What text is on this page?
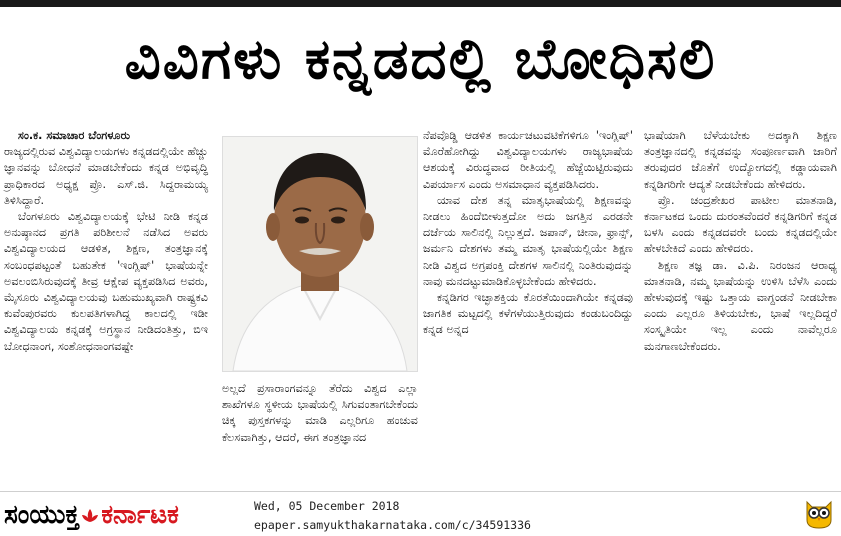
ವಿವಿಗಳು ಕನ್ನಡದಲ್ಲಿ ಬೋಧಿಸಲಿ

ಸಂ.ಕ. ಸಮಾಚಾರ ಬೆಂಗಳೂರು

ರಾಜ್ಯದಲ್ಲಿರುವ ವಿಶ್ವವಿದ್ಯಾಲಯಗಳು ಕನ್ನಡದಲ್ಲಿಯೇ ಹೆಚ್ಚು ಜ್ಞಾನವನ್ನು ಬೋಧನೆ ಮಾಡಬೇಕೆಂದು ಕನ್ನಡ ಅಭಿವೃದ್ಧಿ ಪ್ರಾಧಿಕಾರದ ಅಧ್ಯಕ್ಷ ಪ್ರೊ. ಎಸ್.ಜಿ. ಸಿದ್ದರಾಮಯ್ಯ ತಿಳಿಸಿದ್ದಾರೆ.

ಬೆಂಗಳೂರು ವಿಶ್ವವಿದ್ಯಾಲಯಕ್ಕೆ ಭೇಟಿ ನೀಡಿ ಕನ್ನಡ ಅನುಷ್ಠಾನದ ಪ್ರಗತಿ ಪರಿಶೀಲನೆ ನಡೆಸಿದ ಅವರು ವಿಶ್ವವಿದ್ಯಾಲಯದ ಆಡಳಿತ, ಶಿಕ್ಷಣ, ತಂತ್ರಜ್ಞಾನಕ್ಕೆ ಸಂಬಂಧಪಟ್ಟಂತೆ ಬಹುತೇಕ 'ಇಂಗ್ಲಿಷ್' ಭಾಷೆಯನ್ನೇ ಅವಲಂಬಿಸಿರುವುದಕ್ಕೆ ತೀವ್ರ ಆಕ್ಷೇಪ ವ್ಯಕ್ತಪಡಿಸಿದ ಅವರು, ಮೈಸೂರು ವಿಶ್ವವಿದ್ಯಾಲಯವು ಬಹುಮುಖ್ಯವಾಗಿ ರಾಷ್ಟ್ರಕವಿ ಕುವೆಂಪುರವರು ಕುಲಪತಿಗಳಾಗಿದ್ದ ಕಾಲದಲ್ಲಿ ಇಡೀ ವಿಶ್ವವಿದ್ಯಾಲಯ ಕನ್ನಡಕ್ಕೆ ಅಗ್ರಸ್ಥಾನ ನೀಡಿದಂತಿತ್ತು, ಬಿಇ ಬೋಧನಾಂಗ, ಸಂಶೋಧನಾಂಗವಷ್ಟೇ

ಅಲ್ಲದೆ ಪ್ರಸಾರಾಂಗವನ್ನೂ ತೆರೆದು ವಿಶ್ವದ ಎಲ್ಲಾ ಶಾಖೆಗಳೂ ಸ್ಥಳೀಯ ಭಾಷೆಯಲ್ಲಿ ಸಿಗುವಂತಾಗಬೇಕೆಂದು ಚಿಕ್ಕ ಪುಸ್ತಕಗಳನ್ನು ಮಾಡಿ ಎಲ್ಲರಿಗೂ ಹಂಚುವ ಕೆಲಸವಾಗಿತ್ತು, ಆದರೆ, ಈಗ ತಂತ್ರಜ್ಞಾನದ

ನೆಪವೊಡ್ಡಿ ಆಡಳಿತ ಕಾರ್ಯಚಟುವಟಿಕೆಗಳಿಗೂ 'ಇಂಗ್ಲಿಷ್' ಮೊರೆಹೋಗಿದ್ದು ವಿಶ್ವವಿದ್ಯಾಲಯಗಳು ರಾಜ್ಯಭಾಷೆಯ ಆಶಯಕ್ಕೆ ವಿರುದ್ಧವಾದ ರೀತಿಯಲ್ಲಿ ಹೆಜ್ಜೆಯಿಟ್ಟಿರುವುದು ವಿಪರ್ಯಾಸ ಎಂದು ಅಸಮಾಧಾನ ವ್ಯಕ್ತಪಡಿಸಿದರು.

ಯಾವ ದೇಶ ತನ್ನ ಮಾತೃಭಾಷೆಯಲ್ಲಿ ಶಿಕ್ಷಣವನ್ನು ನೀಡಲು ಹಿಂದೆಬೀಳುತ್ತದೋ ಅದು ಜಗತ್ತಿನ ಎರಡನೇ ದರ್ಜೆಯ ಸಾಲಿನಲ್ಲಿ ನಿಲ್ಲುತ್ತದೆ. ಜಪಾನ್, ಚೀನಾ, ಫ್ರಾನ್ಸ್, ಜರ್ಮನಿ ದೇಶಗಳು ತಮ್ಮ ಮಾತೃ ಭಾಷೆಯಲ್ಲಿಯೇ ಶಿಕ್ಷಣ ನೀಡಿ ವಿಶ್ವದ ಅಗ್ರಪಂಕ್ತಿ ದೇಶಗಳ ಸಾಲಿನಲ್ಲಿ ನಿಂತಿರುವುದನ್ನು ನಾವು ಮನದಟ್ಟುಮಾಡಿಕೊಳ್ಳಬೇಕೆಂದು ಹೇಳಿದರು.

ಕನ್ನಡಿಗರ ಇಚ್ಛಾಶಕ್ತಿಯ ಕೊರತೆಯಿಂದಾಗಿಯೇ ಕನ್ನಡವು ಜಾಗತಿಕ ಮಟ್ಟದಲ್ಲಿ ಕಳೆಗಳೆಯುತ್ತಿರುವುದು ಕಂಡುಬಂದಿದ್ದು ಕನ್ನಡ ಅನ್ನದ

ಭಾಷೆಯಾಗಿ ಬೆಳೆಯಬೇಕು ಅದಕ್ಕಾಗಿ ಶಿಕ್ಷಣ ತಂತ್ರಜ್ಞಾನದಲ್ಲಿ ಕನ್ನಡವನ್ನು ಸಂಪೂರ್ಣವಾಗಿ ಜಾರಿಗೆ ತರುವುದರ ಜೊತೆಗೆ ಉದ್ಯೋಗದಲ್ಲಿ ಕಡ್ಡಾಯವಾಗಿ ಕನ್ನಡಿಗರಿಗೇ ಆದ್ಯತೆ ನೀಡಬೇಕೆಂದು ಹೇಳಿದರು.

ಪ್ರೊ. ಚಂದ್ರಶೇಖರ ಪಾಟೀಲ ಮಾತನಾಡಿ, ಕರ್ನಾಟಕದ ಒಂದು ದುರಂತವೆಂದರೆ ಕನ್ನಡಿಗರಿಗೆ ಕನ್ನಡ ಬಳಸಿ ಎಂದು ಕನ್ನಡದವರೇ ಬಂದು ಕನ್ನಡದಲ್ಲಿಯೇ ಹೇಳಬೇಕಿದೆ ಎಂದು ಹೇಳಿದರು.

ಶಿಕ್ಷಣ ತಜ್ಞ ಡಾ. ವಿ.ಪಿ. ನಿರಂಜನ ಆರಾಧ್ಯ ಮಾತನಾಡಿ, ನಮ್ಮ ಭಾಷೆಯನ್ನು ಉಳಿಸಿ ಬೆಳೆಸಿ ಎಂದು ಹೇಳುವುದಕ್ಕೆ ಇಷ್ಟು ಒತ್ತಾಯ ವಾಗ್ದಂಡನೆ ನೀಡಬೇಕಾ ಎಂದು ಎಲ್ಲರೂ ತಿಳಿಯಬೇಕು, ಭಾಷೆ ಇಲ್ಲದಿದ್ದರೆ ಸಂಸ್ಕೃತಿಯೇ ಇಲ್ಲ ಎಂದು ನಾವೆಲ್ಲರೂ ಮನಗಾಣಬೇಕೆಂದರು.

ಸಂಯುಕ್ತ ಕರ್ನಾಟಕ	Wed, 05 December 2018
epaper.samyukthakarnataka.com/c/34591336
